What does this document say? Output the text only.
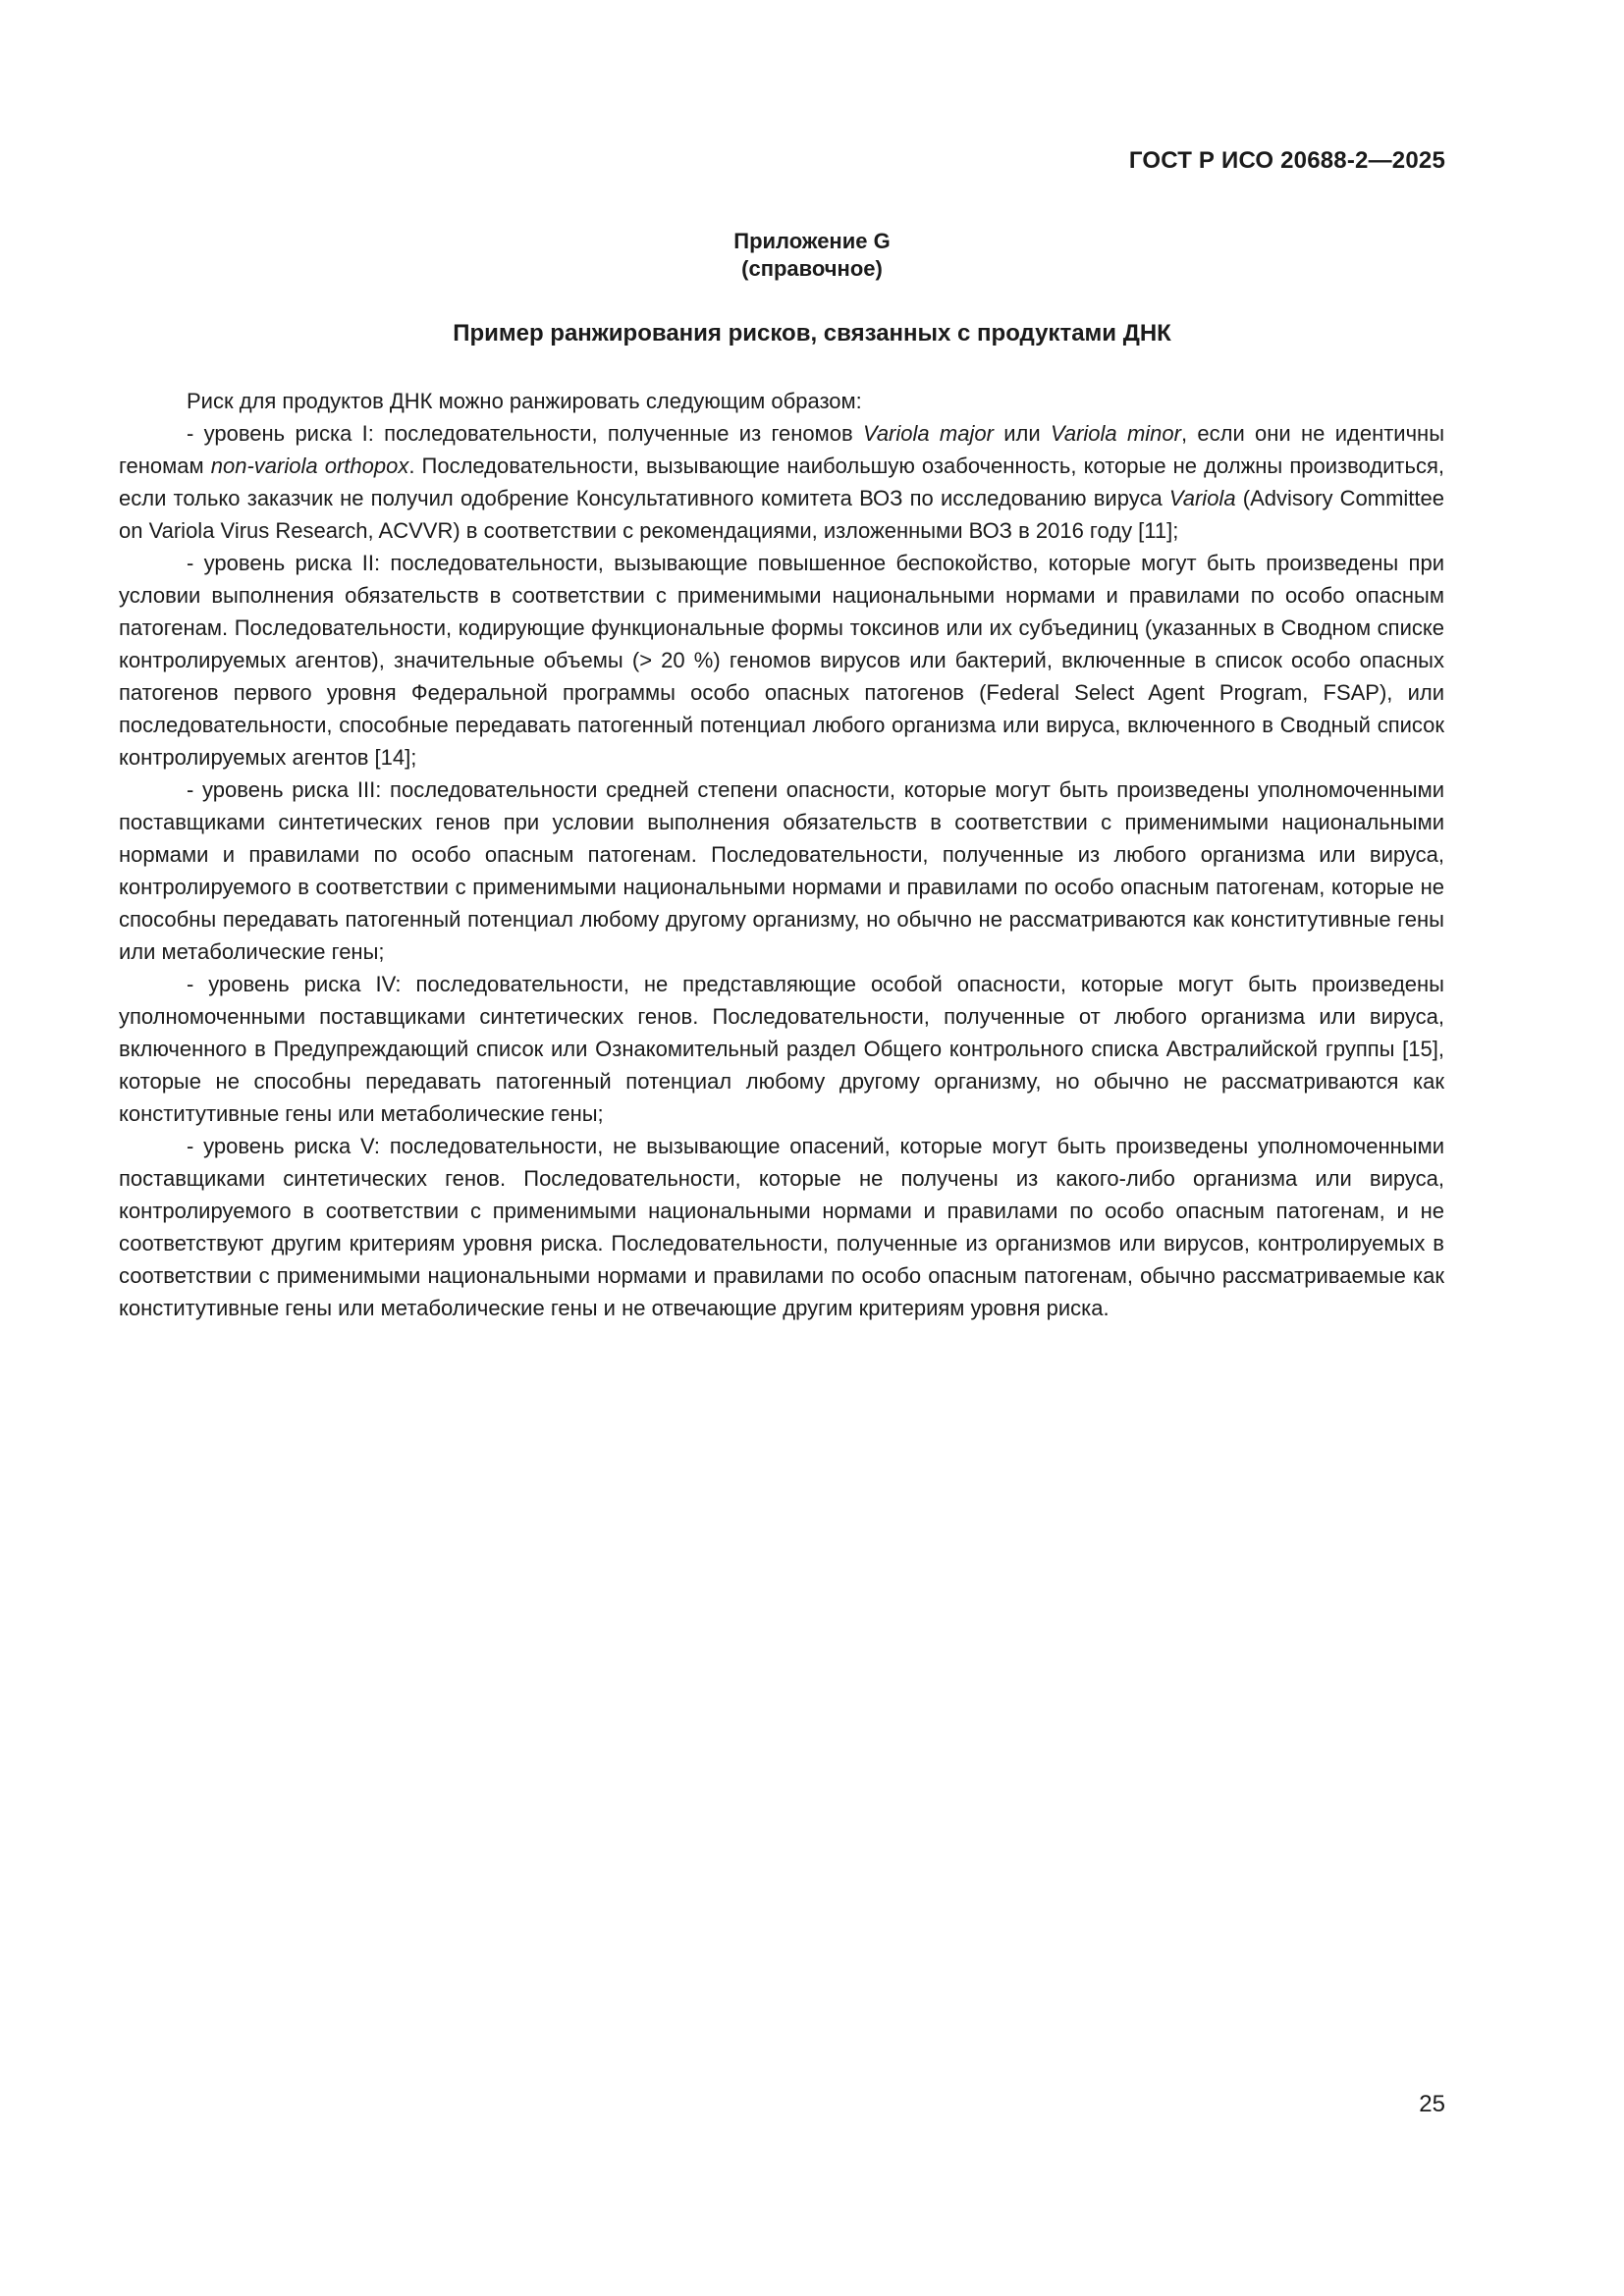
ГОСТ Р ИСО 20688-2—2025
Приложение G
(справочное)
Пример ранжирования рисков, связанных с продуктами ДНК

Риск для продуктов ДНК можно ранжировать следующим образом:

- уровень риска I: последовательности, полученные из геномов Variola major или Variola minor, если они не идентичны геномам non-variola orthopox. Последовательности, вызывающие наибольшую озабоченность, которые не должны производиться, если только заказчик не получил одобрение Консультативного комитета ВОЗ по исследованию вируса Variola (Advisory Committee on Variola Virus Research, ACVVR) в соответствии с рекомендациями, изложенными ВОЗ в 2016 году [11];

- уровень риска II: последовательности, вызывающие повышенное беспокойство, которые могут быть произведены при условии выполнения обязательств в соответствии с применимыми национальными нормами и правилами по особо опасным патогенам. Последовательности, кодирующие функциональные формы токсинов или их субъединиц (указанных в Сводном списке контролируемых агентов), значительные объемы (> 20 %) геномов вирусов или бактерий, включенные в список особо опасных патогенов первого уровня Федеральной программы особо опасных патогенов (Federal Select Agent Program, FSAP), или последовательности, способные передавать патогенный потенциал любого организма или вируса, включенного в Сводный список контролируемых агентов [14];

- уровень риска III: последовательности средней степени опасности, которые могут быть произведены уполномоченными поставщиками синтетических генов при условии выполнения обязательств в соответствии с применимыми национальными нормами и правилами по особо опасным патогенам. Последовательности, полученные из любого организма или вируса, контролируемого в соответствии с применимыми национальными нормами и правилами по особо опасным патогенам, которые не способны передавать патогенный потенциал любому другому организму, но обычно не рассматриваются как конститутивные гены или метаболические гены;

- уровень риска IV: последовательности, не представляющие особой опасности, которые могут быть произведены уполномоченными поставщиками синтетических генов. Последовательности, полученные от любого организма или вируса, включенного в Предупреждающий список или Ознакомительный раздел Общего контрольного списка Австралийской группы [15], которые не способны передавать патогенный потенциал любому другому организму, но обычно не рассматриваются как конститутивные гены или метаболические гены;

- уровень риска V: последовательности, не вызывающие опасений, которые могут быть произведены уполномоченными поставщиками синтетических генов. Последовательности, которые не получены из какого-либо организма или вируса, контролируемого в соответствии с применимыми национальными нормами и правилами по особо опасным патогенам, и не соответствуют другим критериям уровня риска. Последовательности, полученные из организмов или вирусов, контролируемых в соответствии с применимыми национальными нормами и правилами по особо опасным патогенам, обычно рассматриваемые как конститутивные гены или метаболические гены и не отвечающие другим критериям уровня риска.

25
